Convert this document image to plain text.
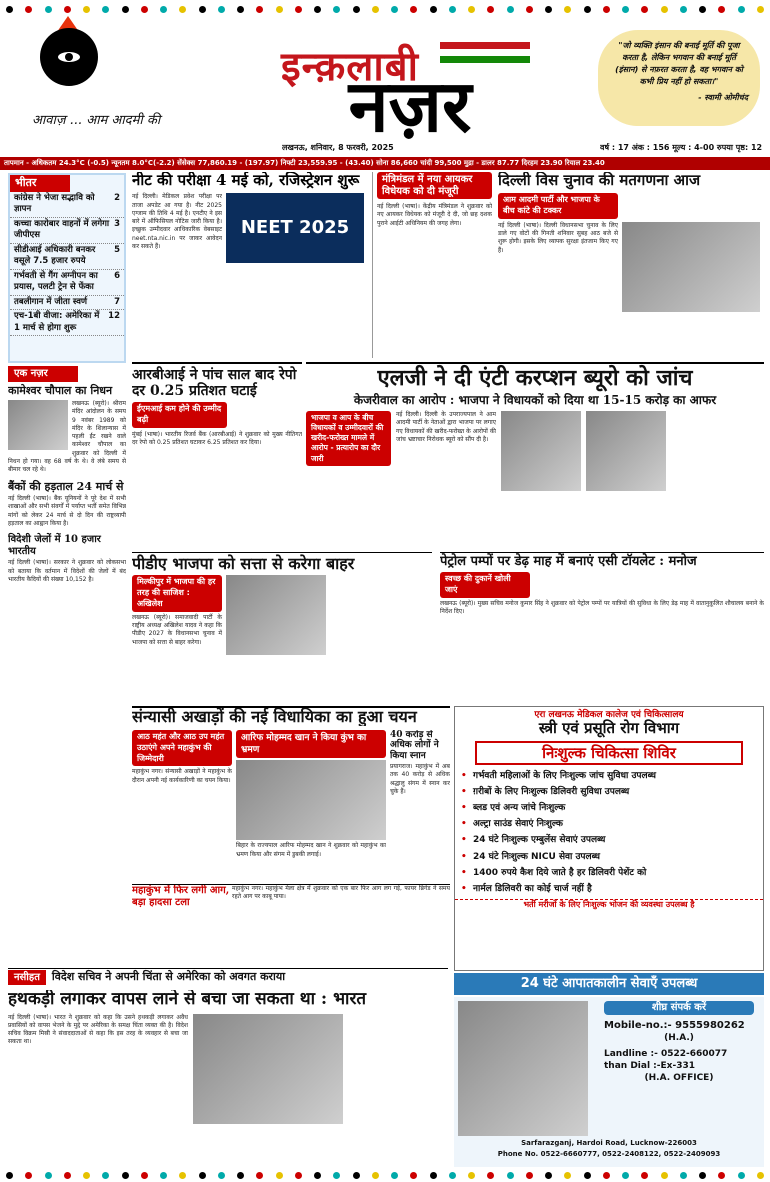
आवाज़ ... आम आदमी की
इन्क़लाबी
नज़र
लखनऊ, शनिवार, 8 फरवरी, 2025
"जो व्यक्ति इंसान की बनाई मूर्ति की पूजा करता है, लेकिन भगवान की बनाई मूर्ति (इंसान) से नफ़रत करता है, वह भगवान को कभी प्रिय नहीं हो सकता।"
- स्वामी ओमीचंद
वर्ष : 17 अंक : 156 मूल्य : 4-00 रुपया पृष्ठ: 12
तापमान - अधिकतम 24.3°C (-0.5) न्यूनतम 8.0°C(-2.2) सेंसेक्स 77,860.19 - (197.97) निफ्टी 23,559.95 - (43.40) सोना 86,660 चांदी 99,500 मुद्रा - डालर 87.77 दिरहम 23.90 रियाल 23.40
भीतर
कांग्रेस ने भेजा सद्भावि को ज्ञापन
2
कच्चा कारोबार वाहनों में लगेगा जीपीएस
3
सीडीआई अधिकारी बनकर वसूले 7.5 हजार रुपये
5
गर्भवती से गैंग अग्नीपन का प्रयास, पलटी ट्रेन से फेंका
6
तबलीगान में जीता स्वर्ण	7
एच-1बी वीजा: अमेरिका में 1 मार्च से होगा शुरू
12
एक नज़र
कामेश्वर चौपाल का निधन
लखनऊ (ब्यूरो)। श्रीराम मंदिर आंदोलन के समय 9 नवंबर 1989 को मंदिर के शिलान्यास में पहली ईंट रखने वाले कामेश्वर चौपाल का शुक्रवार को दिल्ली में निधन हो गया। वह 68 वर्ष के थे। वे लंबे समय से बीमार चल रहे थे।
बैंकों की हड़ताल 24 मार्च से
नई दिल्ली (भाषा)। बैंक यूनियनों ने पूरे देश में सभी शाखाओं और सभी संवर्गों में पर्याप्त भर्ती समेत विभिन्न मांगों को लेकर 24 मार्च से दो दिन की राष्ट्रव्यापी हड़ताल का आह्वान किया है।
विदेशी जेलों में 10 हजार भारतीय
नई दिल्ली (भाषा)। सरकार ने शुक्रवार को लोकसभा को बताया कि वर्तमान में विदेशों की जेलों में बंद भारतीय कैदियों की संख्या 10,152 है।
नीट की परीक्षा 4 मई को, रजिस्ट्रेशन शुरू
नई दिल्ली। मेडिकल प्रवेश परीक्षा पर ताजा अपडेट आ गया है। नीट 2025 एग्जाम की तिथि 4 मई है। एनटीए ने इस बारे में ऑफिसियल नोटिस जारी किया है। इच्छुक उम्मीदवार आधिकारिक वेबसाइट neet.nta.nic.in पर जाकर आवेदन कर सकते हैं।
NEET 2025
मंत्रिमंडल में नया आयकर विधेयक को दी मंजूरी
नई दिल्ली (भाषा)। केंद्रीय मंत्रिमंडल ने शुक्रवार को नए आयकर विधेयक को मंजूरी दे दी, जो छह दशक पुराने आईटी अधिनियम की जगह लेगा।
दिल्ली विस चुनाव की मतगणना आज
आम आदमी पार्टी और भाजपा के बीच कांटे की टक्कर
नई दिल्ली (भाषा)। दिल्ली विधानसभा चुनाव के लिए डाले गए वोटों की गिनती शनिवार सुबह आठ बजे से शुरू होगी। इसके लिए व्यापक सुरक्षा इंतजाम किए गए हैं।
आरबीआई ने पांच साल बाद रेपो दर 0.25 प्रतिशत घटाई
ईएमआई कम होने की उम्मीद बढ़ी
मुंबई (भाषा)। भारतीय रिजर्व बैंक (आरबीआई) ने शुक्रवार को मुख्य नीतिगत दर रेपो को 0.25 प्रतिशत घटाकर 6.25 प्रतिशत कर दिया।
एलजी ने दी एंटी करप्शन ब्यूरो को जांच
केजरीवाल का आरोप : भाजपा ने विधायकों को दिया था 15-15 करोड़ का आफर
भाजपा व आप के बीच विधायकों व उम्मीदवारों की खरीद-फरोख्त मामले में आरोप - प्रत्यारोप का दौर जारी
नई दिल्ली। दिल्ली के उपराज्यपाल ने आम आदमी पार्टी के नेताओं द्वारा भाजपा पर लगाए गए विधायकों की खरीद-फरोख्त के आरोपों की जांच भ्रष्टाचार निरोधक ब्यूरो को सौंप दी है।
पीडीए भाजपा को सत्ता से करेगा बाहर
मिल्कीपुर में भाजपा की हर तरह की साजिश : अखिलेश
लखनऊ (ब्यूरो)। समाजवादी पार्टी के राष्ट्रीय अध्यक्ष अखिलेश यादव ने कहा कि पीडीए 2027 के विधानसभा चुनाव में भाजपा को सत्ता से बाहर करेगा।
पेट्रोल पम्पों पर डेढ़ माह में बनाएं एसी टॉयलेट : मनोज
स्वच्छ की दुकानें खोली जाएं
लखनऊ (ब्यूरो)। मुख्य सचिव मनोज कुमार सिंह ने शुक्रवार को पेट्रोल पम्पों पर यात्रियों की सुविधा के लिए डेढ़ माह में वातानुकूलित शौचालय बनाने के निर्देश दिए।
संन्यासी अखाड़ों की नई विधायिका का हुआ चयन
आठ महंत और आठ उप महंत उठाएंगे अपने महाकुंभ की जिम्मेदारी
महाकुंभ नगर। संन्यासी अखाड़ों ने महाकुंभ के दौरान अपनी नई कार्यकारिणी का चयन किया।
आरिफ मोहम्मद खान ने किया कुंभ का भ्रमण
बिहार के राज्यपाल आरिफ मोहम्मद खान ने शुक्रवार को महाकुंभ का भ्रमण किया और संगम में डुबकी लगाई।
40 करोड़ से अधिक लोगों ने किया स्नान
प्रयागराज। महाकुंभ में अब तक 40 करोड़ से अधिक श्रद्धालु संगम में स्नान कर चुके हैं।
महाकुंभ में फिर लगी आग, बड़ा हादसा टला
महाकुंभ नगर। महाकुंभ मेला क्षेत्र में शुक्रवार को एक बार फिर आग लग गई, फायर ब्रिगेड ने समय रहते आग पर काबू पाया।
एरा लखनऊ मेडिकल कालेज एवं चिकित्सालय
स्त्री एवं प्रसूति रोग विभाग
निःशुल्क चिकित्सा शिविर
• गर्भवती महिलाओं के लिए निःशुल्क जांच सुविधा उपलब्ध
• ग़रीबों के लिए निःशुल्क डिलिवरी सुविधा उपलब्ध
• ब्लड एवं अन्य जांचे निःशुल्क
• अल्ट्रा साउंड सेवाएं निःशुल्क
• 24 घंटे निःशुल्क एम्बुलेंस सेवाएं उपलब्ध
• 24 घंटे निःशुल्क NICU सेवा उपलब्ध
• 1400 रुपये कैश दिये जाते है हर डिलिवरी पेशेंट को
• नार्मल डिलिवरी का कोई चार्ज नहीं है
भर्ती मरीजों के लिए निःशुल्क भोजन की व्यवस्था उपलब्ध है
24 घंटे आपातकालीन सेवाएँ उपलब्ध
शीघ्र संपर्क करें
Mobile-no.:- 9555980262
(H.A.)
Landline :- 0522-660077
than Dial :-Ex-331
(H.A. OFFICE)
Sarfarazganj, Hardoi Road, Lucknow-226003
Phone No. 0522-6660777, 0522-2408122, 0522-2409093
नसीहत	विदेश सचिव ने अपनी चिंता से अमेरिका को अवगत कराया
हथकड़ी लगाकर वापस लाने से बचा जा सकता था : भारत
नई दिल्ली (भाषा)। भारत ने शुक्रवार को कहा कि उसने हथकड़ी लगाकर अवैध प्रवासियों को वापस भेजने के मुद्दे पर अमेरिका के समक्ष चिंता व्यक्त की है। विदेश सचिव विक्रम मिस्री ने संवाददाताओं से कहा कि इस तरह के व्यवहार से बचा जा सकता था।
